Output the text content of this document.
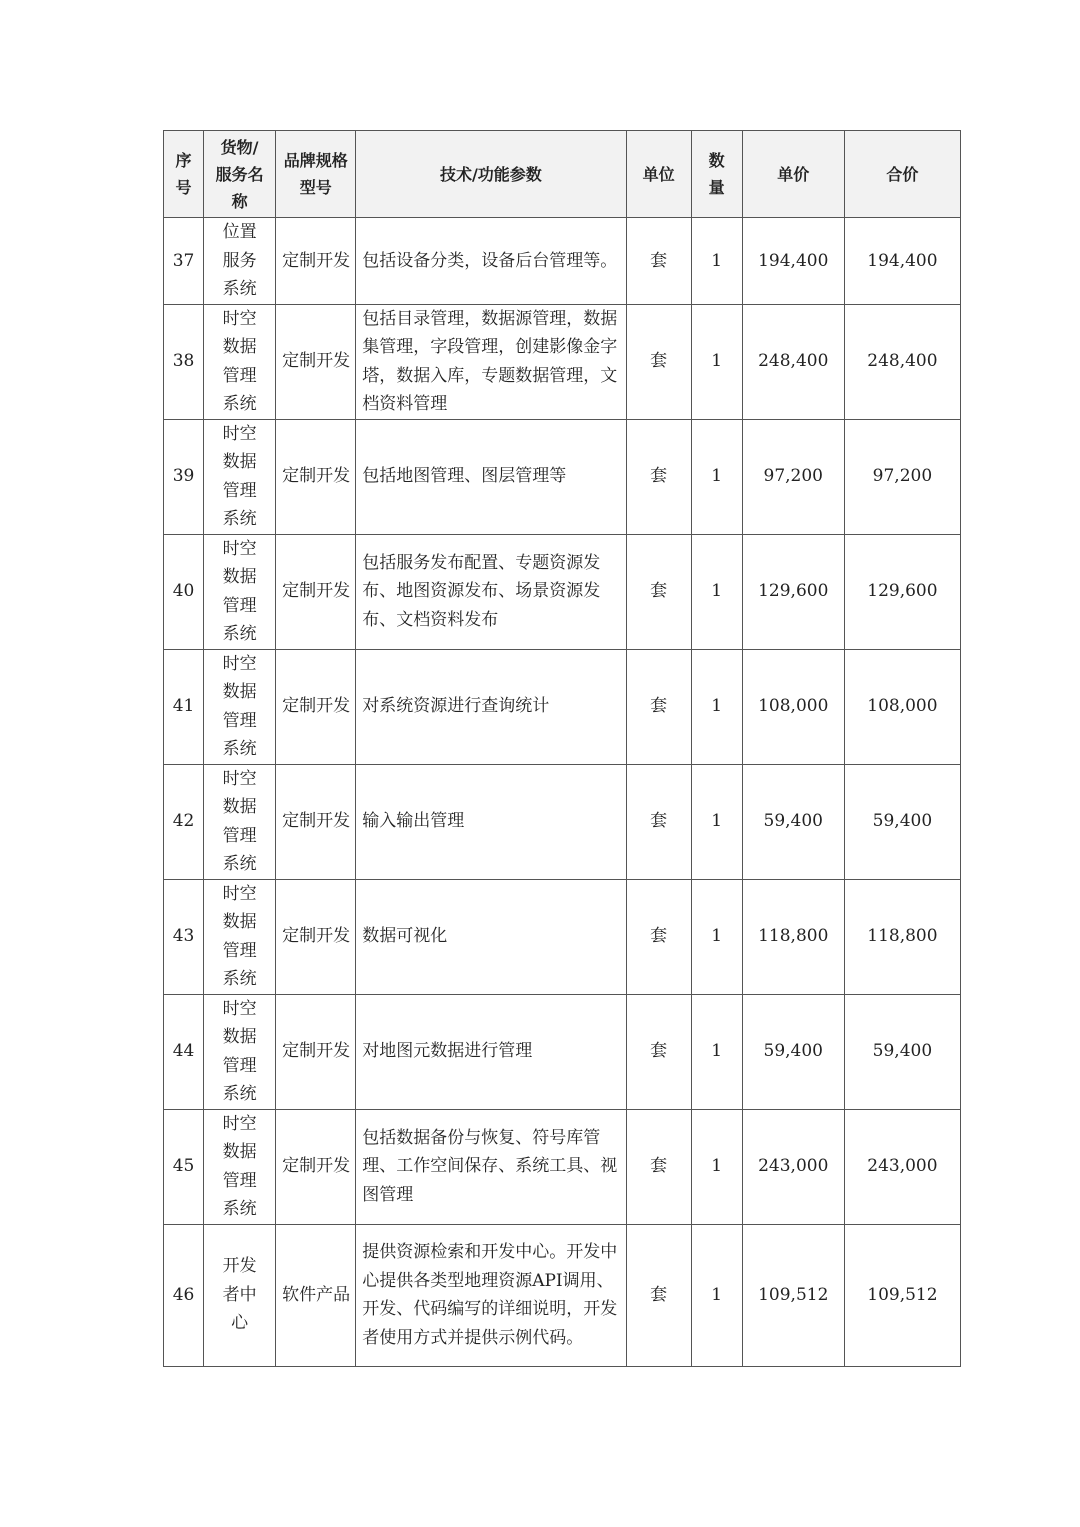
序号	货物/服务名称	品牌规格型号	技术/功能参数	单位	数量	单价	合价
37	位置服务系统	定制开发	包括设备分类，设备后台管理等。	套	1	194,400	194,400
38	时空数据管理系统	定制开发	包括目录管理，数据源管理，数据集管理，字段管理，创建影像金字塔，数据入库，专题数据管理，文档资料管理	套	1	248,400	248,400
39	时空数据管理系统	定制开发	包括地图管理、图层管理等	套	1	97,200	97,200
40	时空数据管理系统	定制开发	包括服务发布配置、专题资源发布、地图资源发布、场景资源发布、文档资料发布	套	1	129,600	129,600
41	时空数据管理系统	定制开发	对系统资源进行查询统计	套	1	108,000	108,000
42	时空数据管理系统	定制开发	输入输出管理	套	1	59,400	59,400
43	时空数据管理系统	定制开发	数据可视化	套	1	118,800	118,800
44	时空数据管理系统	定制开发	对地图元数据进行管理	套	1	59,400	59,400
45	时空数据管理系统	定制开发	包括数据备份与恢复、符号库管理、工作空间保存、系统工具、视图管理	套	1	243,000	243,000
46	开发者中心	软件产品	提供资源检索和开发中心。开发中心提供各类型地理资源API调用、开发、代码编写的详细说明，开发者使用方式并提供示例代码。	套	1	109,512	109,512
